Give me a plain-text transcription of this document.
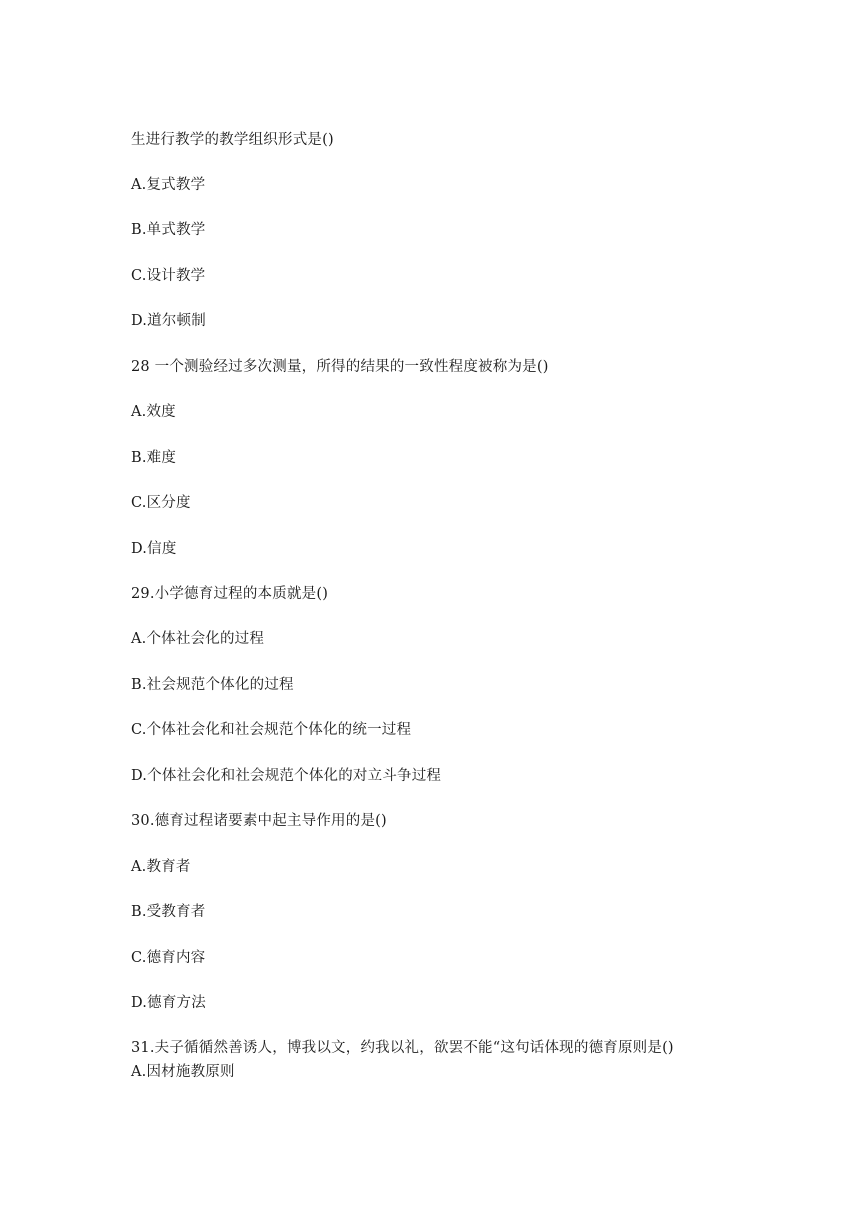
生进行教学的教学组织形式是()
A.复式教学
B.单式教学
C.设计教学
D.道尔顿制
28 一个测验经过多次测量，所得的结果的一致性程度被称为是()
A.效度
B.难度
C.区分度
D.信度
29.小学德育过程的本质就是()
A.个体社会化的过程
B.社会规范个体化的过程
C.个体社会化和社会规范个体化的统一过程
D.个体社会化和社会规范个体化的对立斗争过程
30.德育过程诸要素中起主导作用的是()
A.教育者
B.受教育者
C.德育内容
D.德育方法
31.夫子循循然善诱人，博我以文，约我以礼，欲罢不能“这句话体现的德育原则是()
A.因材施教原则
